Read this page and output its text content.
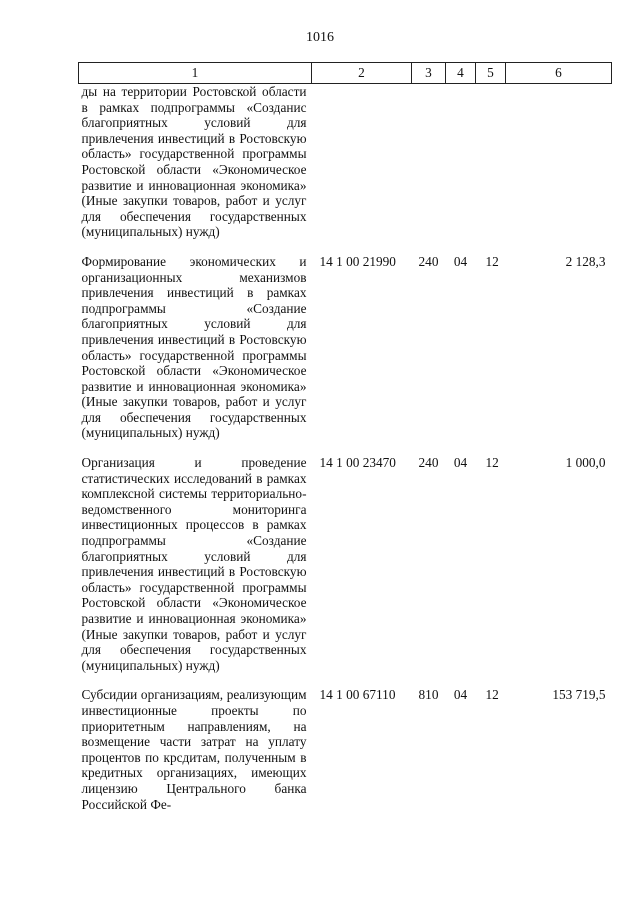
1016
1	2	3	4	5	6
ды на территории Ростовской области в рамках подпрограммы «Созданис благоприятных условий для привлечения инвестиций в Ростовскую область» государственной программы Ростовской области «Экономическое развитие и инновационная экономика» (Иные закупки товаров, работ и услуг для обеспечения государственных (муниципальных) нужд)					
Формирование экономических и организационных механизмов привлечения инвестиций в рамках подпрограммы «Создание благоприятных условий для привлечения инвестиций в Ростовскую область» государственной программы Ростовской области «Экономическое развитие и инновационная экономика» (Иные закупки товаров, работ и услуг для обеспечения государственных (муниципальных) нужд)	14 1 00 21990	240	04	12	2 128,3
Организация и проведение статистических исследований в рамках комплексной системы территориально-ведомственного мониторинга инвестиционных процессов в рамках подпрограммы «Создание благоприятных условий для привлечения инвестиций в Ростовскую область» государственной программы Ростовской области «Экономическое развитие и инновационная экономика» (Иные закупки товаров, работ и услуг для обеспечения государственных (муниципальных) нужд)	14 1 00 23470	240	04	12	1 000,0
Субсидии организациям, реализующим инвестиционные проекты по приоритетным направлениям, на возмещение части затрат на уплату процентов по крсдитам, полученным в кредитных организациях, имеющих лицензию Центрального банка Российской Фе-	14 1 00 67110	810	04	12	153 719,5
